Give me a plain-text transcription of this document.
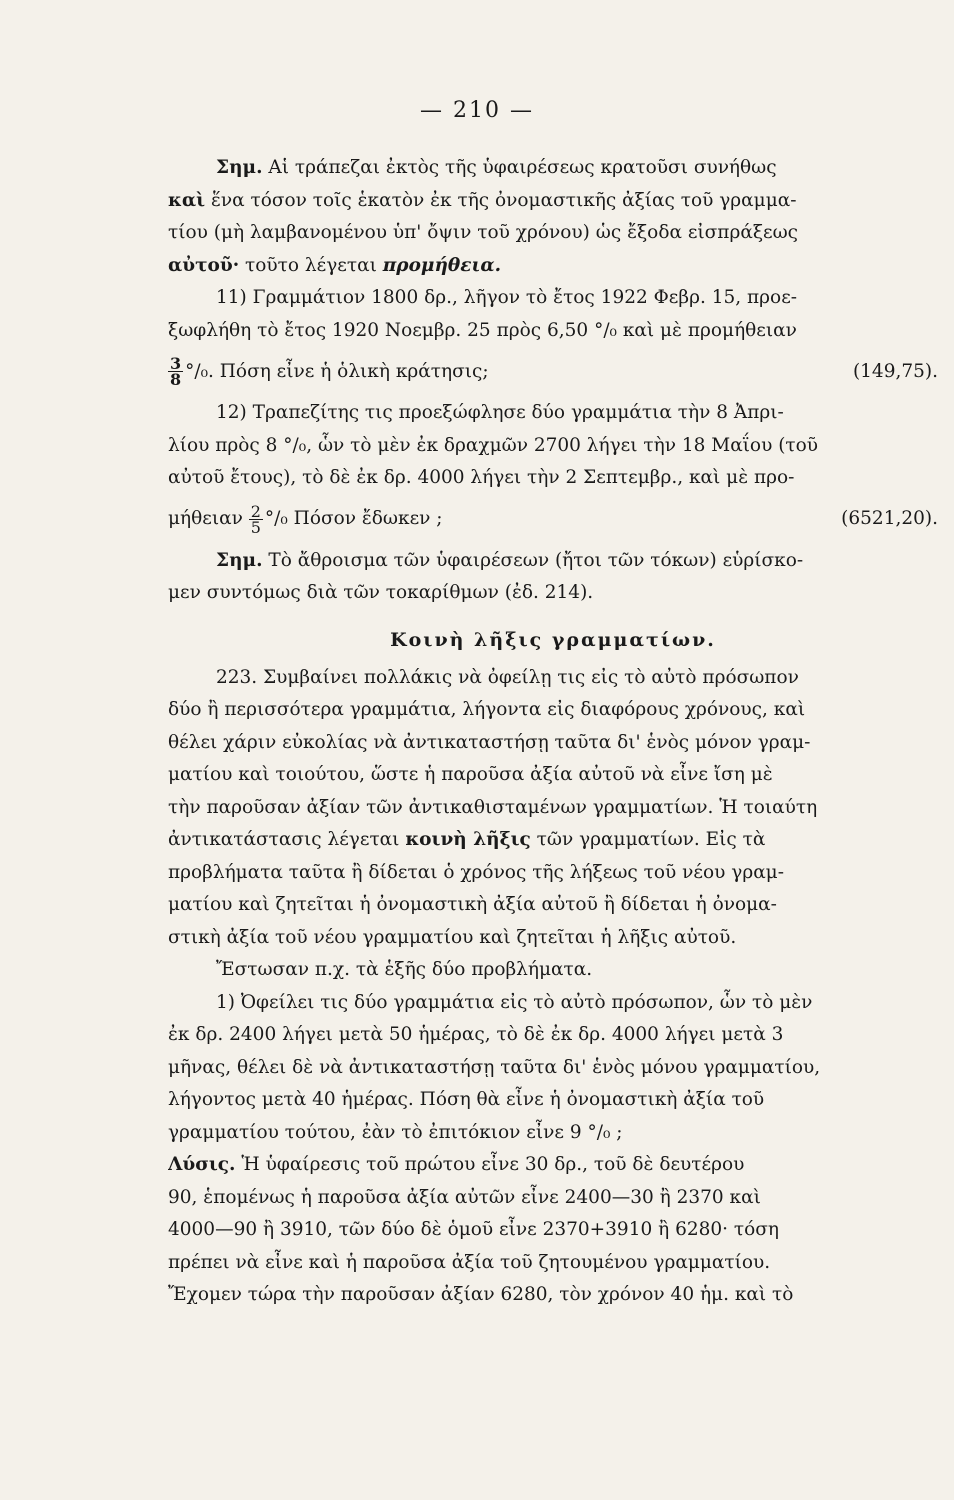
— 210 —
Σημ. Αἱ τράπεζαι ἐκτὸς τῆς ὑφαιρέσεως κρατοῦσι συνήθως
καὶ ἕνα τόσον τοῖς ἑκατὸν ἐκ τῆς ὀνομαστικῆς ἀξίας τοῦ γραμμα-
τίου (μὴ λαμβανομένου ὑπ' ὄψιν τοῦ χρόνου) ὡς ἔξοδα εἰσπράξεως
αὐτοῦ· τοῦτο λέγεται προμήθεια.
11) Γραμμάτιον 1800 δρ., λῆγον τὸ ἔτος 1922 Φεβρ. 15, προε-
ξωφλήθη τὸ ἔτος 1920 Νοεμβρ. 25 πρὸς 6,50 °/₀ καὶ μὲ προμήθειαν
$\frac{3}{8} ^\circ/_0$. Πόση εἶνε ἡ ὁλικὴ κράτησις;	(149,75).
12) Τραπεζίτης τις προεξώφλησε δύο γραμμάτια τὴν 8 Ἀπρι-
λίου πρὸς 8 °/₀, ὧν τὸ μὲν ἐκ δραχμῶν 2700 λήγει τὴν 18 Μαΐου (τοῦ
αὐτοῦ ἔτους), τὸ δὲ ἐκ δρ. 4000 λήγει τὴν 2 Σεπτεμβρ., καὶ μὲ προ-
μήθειαν $\frac{2}{5} ^\circ/_0$ Πόσον ἔδωκεν ;	(6521,20).
Σημ. Τὸ ἄθροισμα τῶν ὑφαιρέσεων (ἤτοι τῶν τόκων) εὑρίσκο-
μεν συντόμως διὰ τῶν τοκαρίθμων (ἐδ. 214).
Κοινὴ λῆξις γραμματίων.
223. Συμβαίνει πολλάκις νὰ ὀφείλῃ τις εἰς τὸ αὐτὸ πρόσωπον
δύο ἢ περισσότερα γραμμάτια, λήγοντα εἰς διαφόρους χρόνους, καὶ
θέλει χάριν εὐκολίας νὰ ἀντικαταστήσῃ ταῦτα δι' ἑνὸς μόνον γραμ-
ματίου καὶ τοιούτου, ὥστε ἡ παροῦσα ἀξία αὐτοῦ νὰ εἶνε ἴση μὲ
τὴν παροῦσαν ἀξίαν τῶν ἀντικαθισταμένων γραμματίων. Ἡ τοιαύτη
ἀντικατάστασις λέγεται κοινὴ λῆξις τῶν γραμματίων. Εἰς τὰ
προβλήματα ταῦτα ἢ δίδεται ὁ χρόνος τῆς λήξεως τοῦ νέου γραμ-
ματίου καὶ ζητεῖται ἡ ὀνομαστικὴ ἀξία αὐτοῦ ἢ δίδεται ἡ ὀνομα-
στικὴ ἀξία τοῦ νέου γραμματίου καὶ ζητεῖται ἡ λῆξις αὐτοῦ.
Ἔστωσαν π.χ. τὰ ἑξῆς δύο προβλήματα.
1) Ὀφείλει τις δύο γραμμάτια εἰς τὸ αὐτὸ πρόσωπον, ὧν τὸ μὲν
ἐκ δρ. 2400 λήγει μετὰ 50 ἡμέρας, τὸ δὲ ἐκ δρ. 4000 λήγει μετὰ 3
μῆνας, θέλει δὲ νὰ ἀντικαταστήσῃ ταῦτα δι' ἑνὸς μόνου γραμματίου,
λήγοντος μετὰ 40 ἡμέρας. Πόση θὰ εἶνε ἡ ὀνομαστικὴ ἀξία τοῦ
γραμματίου τούτου, ἐὰν τὸ ἐπιτόκιον εἶνε 9 °/₀ ;
Λύσις. Ἡ ὑφαίρεσις τοῦ πρώτου εἶνε 30 δρ., τοῦ δὲ δευτέρου
90, ἑπομένως ἡ παροῦσα ἀξία αὐτῶν εἶνε 2400—30 ἢ 2370 καὶ
4000—90 ἢ 3910, τῶν δύο δὲ ὁμοῦ εἶνε 2370+3910 ἢ 6280· τόση
πρέπει νὰ εἶνε καὶ ἡ παροῦσα ἀξία τοῦ ζητουμένου γραμματίου.
Ἔχομεν τώρα τὴν παροῦσαν ἀξίαν 6280, τὸν χρόνον 40 ἡμ. καὶ τὸ
